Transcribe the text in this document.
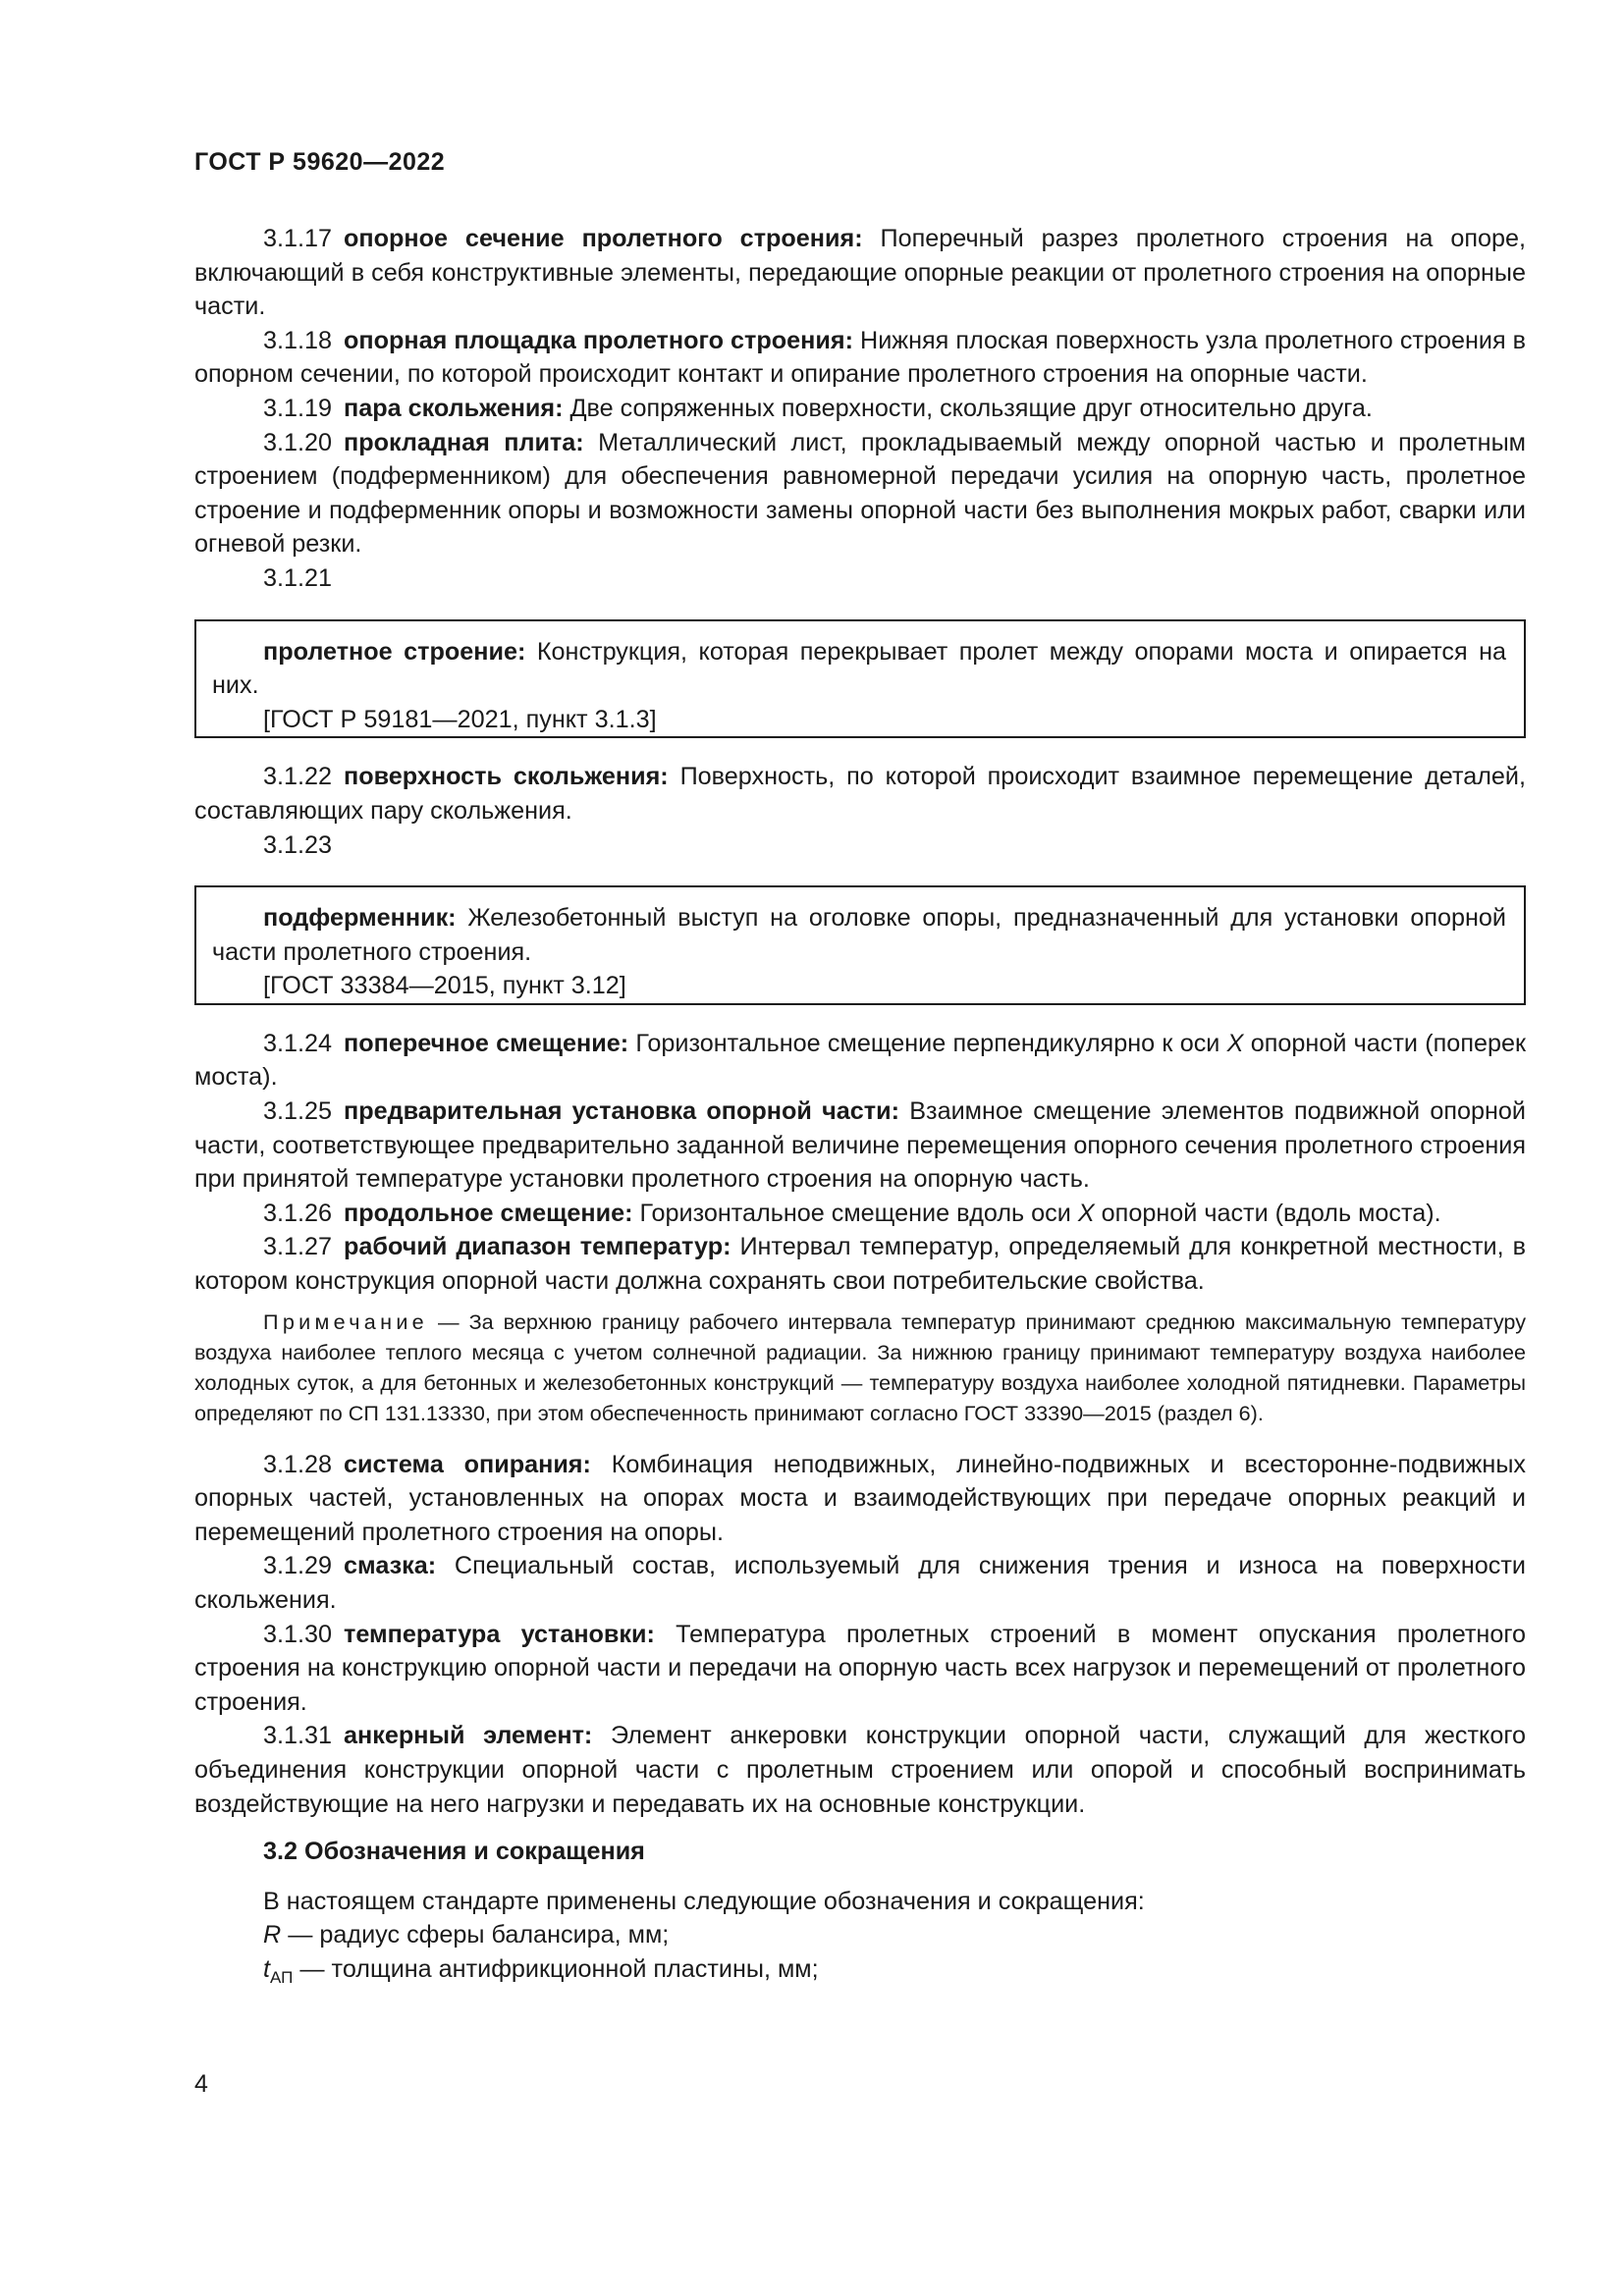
ГОСТ Р 59620—2022

3.1.17 опорное сечение пролетного строения: Поперечный разрез пролетного строения на опоре, включающий в себя конструктивные элементы, передающие опорные реакции от пролетного строения на опорные части.

3.1.18 опорная площадка пролетного строения: Нижняя плоская поверхность узла пролетного строения в опорном сечении, по которой происходит контакт и опирание пролетного строения на опорные части.

3.1.19 пара скольжения: Две сопряженных поверхности, скользящие друг относительно друга.

3.1.20 прокладная плита: Металлический лист, прокладываемый между опорной частью и пролетным строением (подферменником) для обеспечения равномерной передачи усилия на опорную часть, пролетное строение и подферменник опоры и возможности замены опорной части без выполнения мокрых работ, сварки или огневой резки.

3.1.21

пролетное строение: Конструкция, которая перекрывает пролет между опорами моста и опирается на них.

[ГОСТ Р 59181—2021, пункт 3.1.3]

3.1.22 поверхность скольжения: Поверхность, по которой происходит взаимное перемещение деталей, составляющих пару скольжения.

3.1.23

подферменник: Железобетонный выступ на оголовке опоры, предназначенный для установки опорной части пролетного строения.

[ГОСТ 33384—2015, пункт 3.12]

3.1.24 поперечное смещение: Горизонтальное смещение перпендикулярно к оси X опорной части (поперек моста).

3.1.25 предварительная установка опорной части: Взаимное смещение элементов подвижной опорной части, соответствующее предварительно заданной величине перемещения опорного сечения пролетного строения при принятой температуре установки пролетного строения на опорную часть.

3.1.26 продольное смещение: Горизонтальное смещение вдоль оси X опорной части (вдоль моста).

3.1.27 рабочий диапазон температур: Интервал температур, определяемый для конкретной местности, в котором конструкция опорной части должна сохранять свои потребительские свойства.

Примечание — За верхнюю границу рабочего интервала температур принимают среднюю максимальную температуру воздуха наиболее теплого месяца с учетом солнечной радиации. За нижнюю границу принимают температуру воздуха наиболее холодных суток, а для бетонных и железобетонных конструкций — температуру воздуха наиболее холодной пятидневки. Параметры определяют по СП 131.13330, при этом обеспеченность принимают согласно ГОСТ 33390—2015 (раздел 6).

3.1.28 система опирания: Комбинация неподвижных, линейно-подвижных и всесторонне-подвижных опорных частей, установленных на опорах моста и взаимодействующих при передаче опорных реакций и перемещений пролетного строения на опоры.

3.1.29 смазка: Специальный состав, используемый для снижения трения и износа на поверхности скольжения.

3.1.30 температура установки: Температура пролетных строений в момент опускания пролетного строения на конструкцию опорной части и передачи на опорную часть всех нагрузок и перемещений от пролетного строения.

3.1.31 анкерный элемент: Элемент анкеровки конструкции опорной части, служащий для жесткого объединения конструкции опорной части с пролетным строением или опорой и способный воспринимать воздействующие на него нагрузки и передавать их на основные конструкции.

3.2 Обозначения и сокращения

В настоящем стандарте применены следующие обозначения и сокращения:

R — радиус сферы балансира, мм;

$t_{АП}$ — толщина антифрикционной пластины, мм;

4
